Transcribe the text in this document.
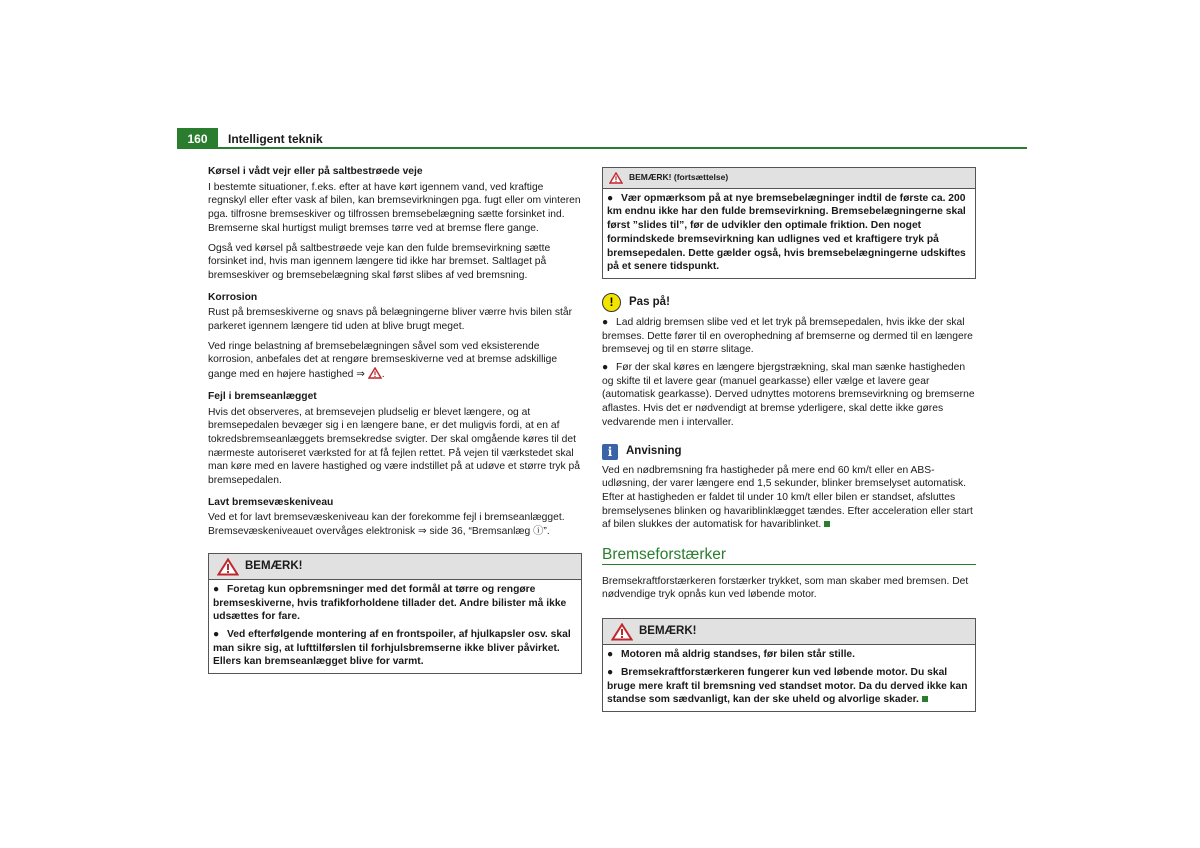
160	Intelligent teknik
Kørsel i vådt vejr eller på saltbestrøede veje

I bestemte situationer, f.eks. efter at have kørt igennem vand, ved kraftige regnskyl eller efter vask af bilen, kan bremsevirkningen pga. fugt eller om vinteren pga. tilfrosne bremseskiver og tilfrossen bremsebelægning sætte forsinket ind. Bremserne skal hurtigst muligt bremses tørre ved at bremse flere gange.

Også ved kørsel på saltbestrøede veje kan den fulde bremsevirkning sætte forsinket ind, hvis man igennem længere tid ikke har bremset. Saltlaget på bremseskiver og bremsebelægning skal først slibes af ved bremsning.

Korrosion

Rust på bremseskiverne og snavs på belægningerne bliver værre hvis bilen står parkeret igennem længere tid uden at blive brugt meget.

Ved ringe belastning af bremsebelægningen såvel som ved eksisterende korrosion, anbefales det at rengøre bremseskiverne ved at bremse adskillige gange med en højere hastighed ⇒ .

Fejl i bremseanlægget

Hvis det observeres, at bremsevejen pludselig er blevet længere, og at bremsepedalen bevæger sig i en længere bane, er det muligvis fordi, at en af tokredsbremseanlæggets bremsekredse svigter. Der skal omgående køres til det nærmeste autoriseret værksted for at få fejlen rettet. På vejen til værkstedet skal man køre med en lavere hastighed og være indstillet på at udøve et større tryk på bremsepedalen.

Lavt bremsevæskeniveau

Ved et for lavt bremsevæskeniveau kan der forekomme fejl i bremseanlægget. Bremsevæskeniveauet overvåges elektronisk ⇒ side 36, “Bremsanlæg ⓘ”.

BEMÆRK!

● Foretag kun opbremsninger med det formål at tørre og rengøre bremseskiverne, hvis trafikforholdene tillader det. Andre bilister må ikke udsættes for fare.

● Ved efterfølgende montering af en frontspoiler, af hjulkapsler osv. skal man sikre sig, at lufttilførslen til forhjulsbremserne ikke bliver påvirket. Ellers kan bremseanlægget blive for varmt.

BEMÆRK! (fortsættelse)

● Vær opmærksom på at nye bremsebelægninger indtil de første ca. 200 km endnu ikke har den fulde bremsevirkning. Bremsebelægningerne skal først ”slides til”, før de udvikler den optimale friktion. Den noget formindskede bremsevirkning kan udlignes ved et kraftigere tryk på bremsepedalen. Dette gælder også, hvis bremsebelægningerne udskiftes på et senere tidspunkt.

!	Pas på!

● Lad aldrig bremsen slibe ved et let tryk på bremsepedalen, hvis ikke der skal bremses. Dette fører til en overophedning af bremserne og dermed til en længere bremsevej og til en større slitage.

● Før der skal køres en længere bjergstrækning, skal man sænke hastigheden og skifte til et lavere gear (manuel gearkasse) eller vælge et lavere gear (automatisk gearkasse). Derved udnyttes motorens bremsevirkning og bremserne aflastes. Hvis det er nødvendigt at bremse yderligere, skal dette ikke gøres vedvarende men i intervaller.

i	Anvisning

Ved en nødbremsning fra hastigheder på mere end 60 km/t eller en ABS-udløsning, der varer længere end 1,5 sekunder, blinker bremselyset automatisk. Efter at hastigheden er faldet til under 10 km/t eller bilen er standset, afsluttes bremselysenes blinken og havariblinklægget tændes. Efter acceleration eller start af bilen slukkes der automatisk for havariblinket.

Bremseforstærker

Bremsekraftforstærkeren forstærker trykket, som man skaber med bremsen. Det nødvendige tryk opnås kun ved løbende motor.

BEMÆRK!

● Motoren må aldrig standses, før bilen står stille.

● Bremsekraftforstærkeren fungerer kun ved løbende motor. Du skal bruge mere kraft til bremsning ved standset motor. Da du derved ikke kan standse som sædvanligt, kan der ske uheld og alvorlige skader.
